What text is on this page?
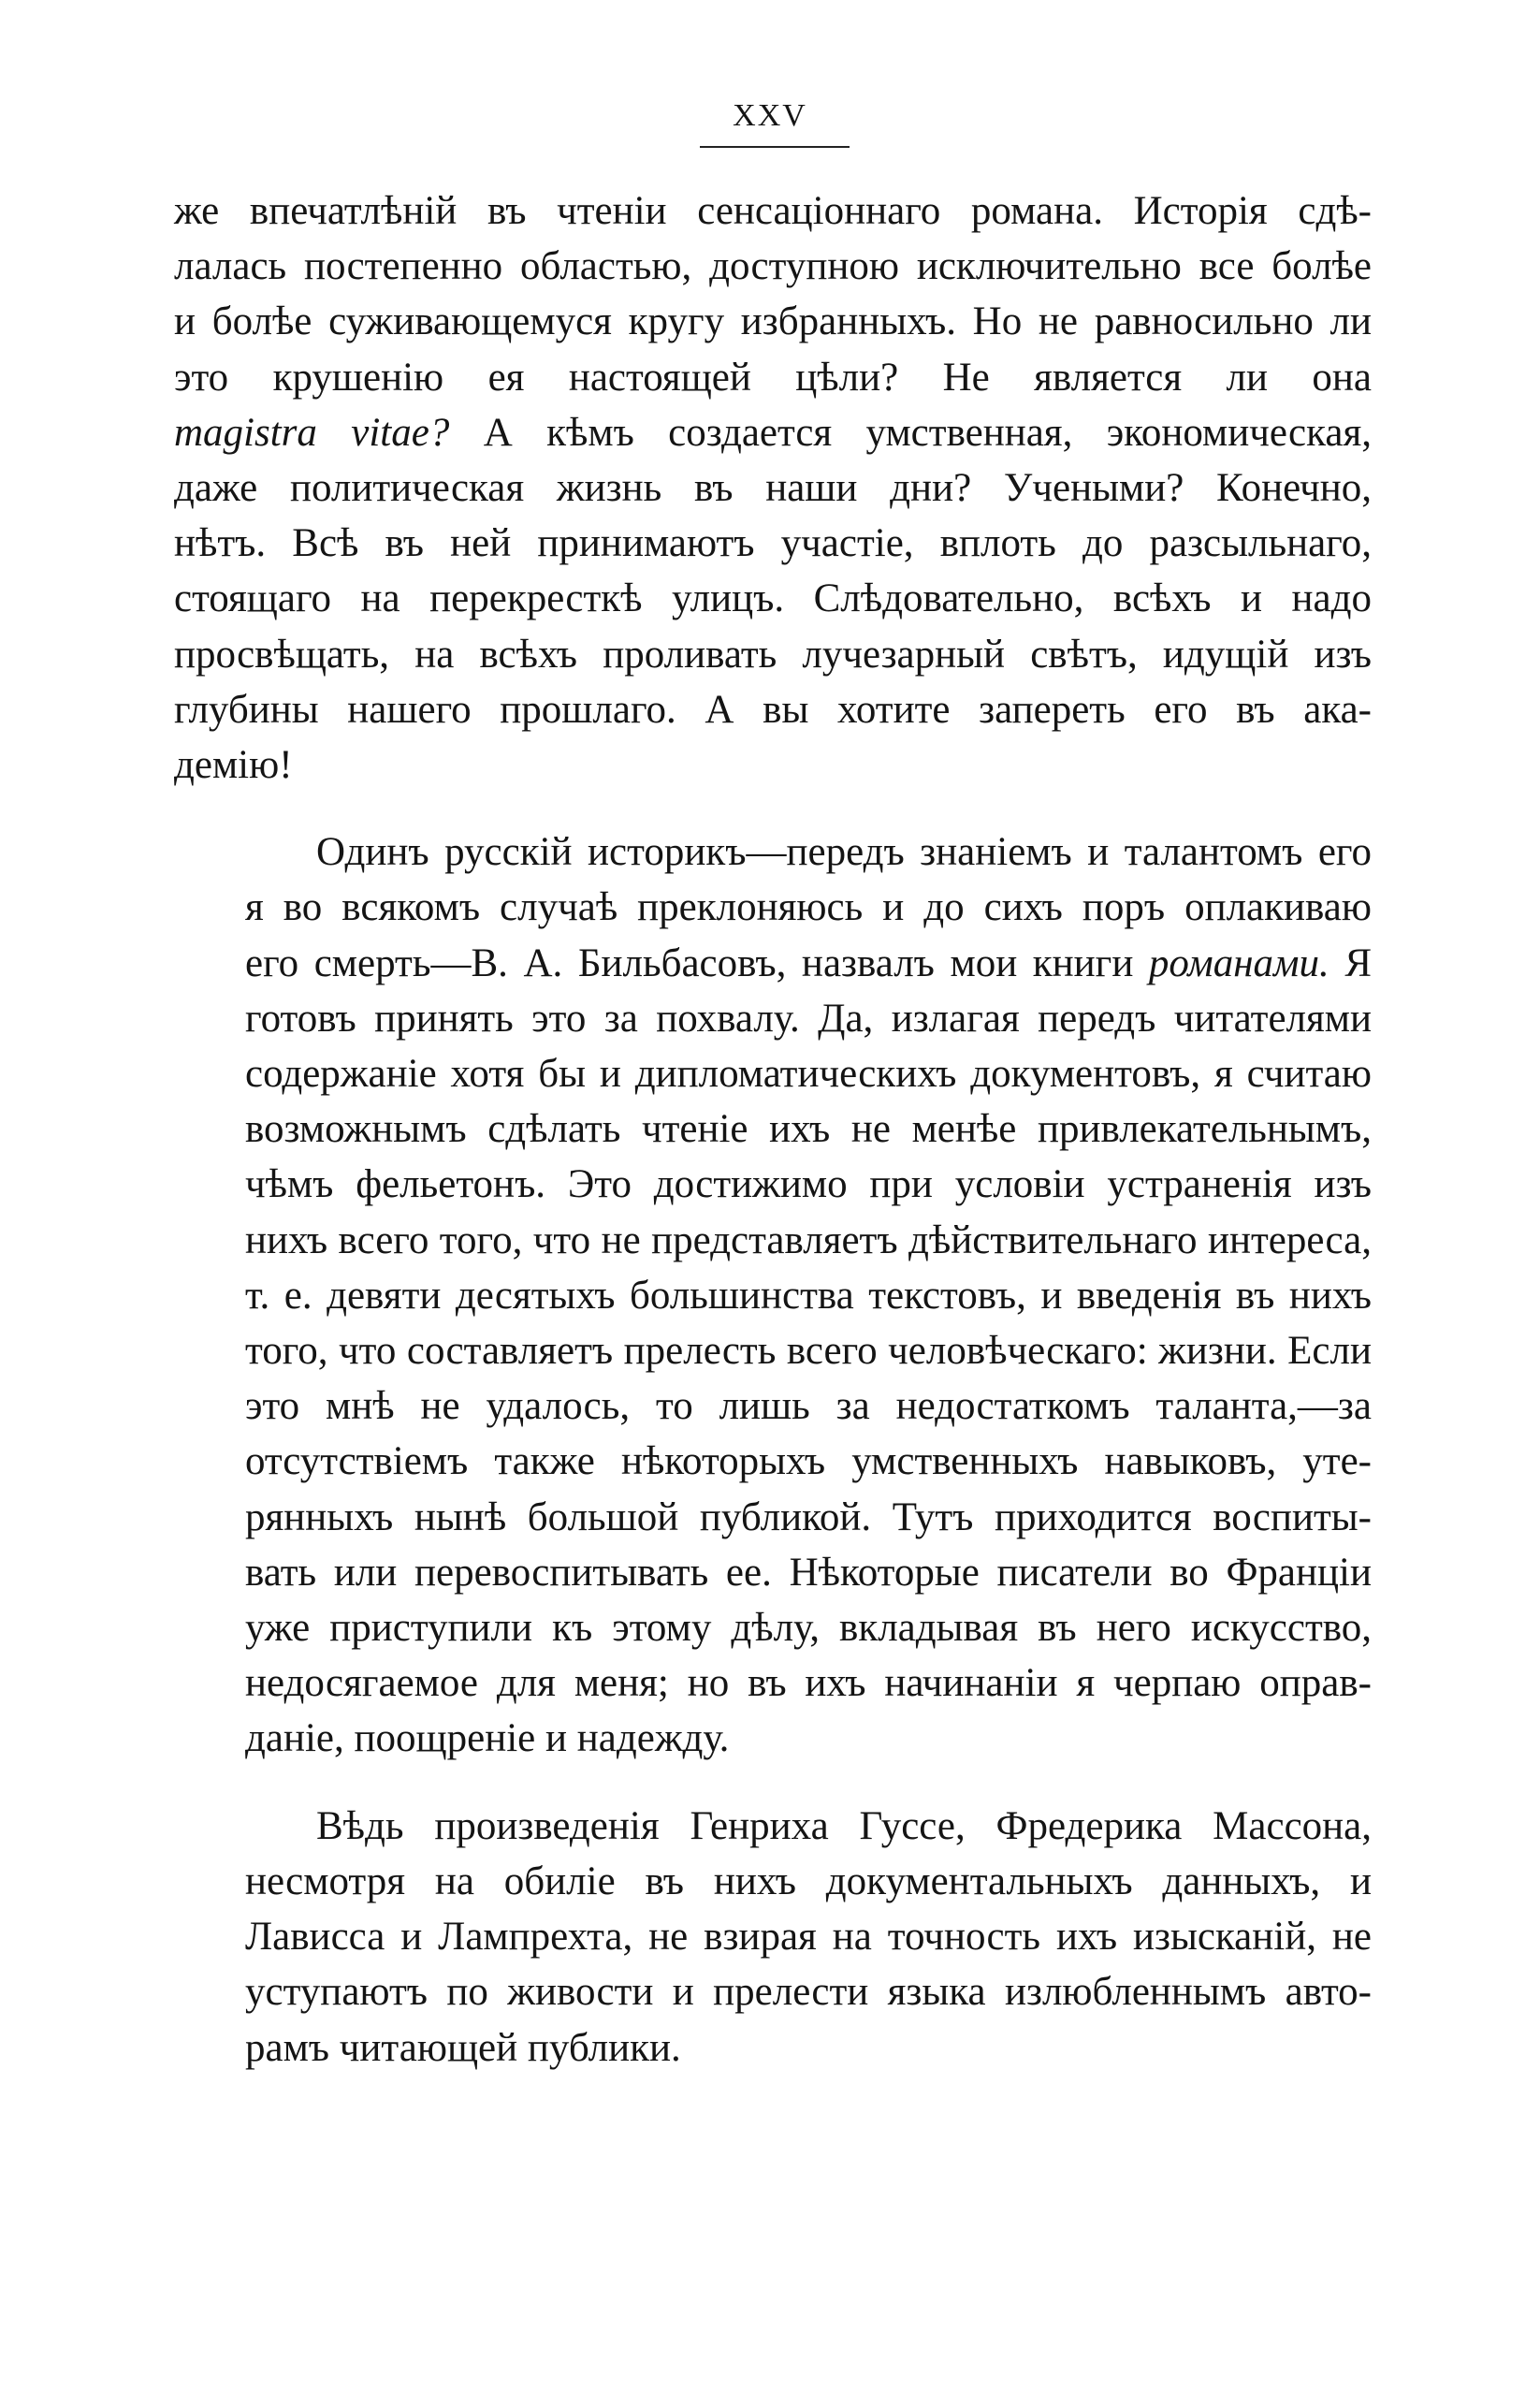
XXV
же впечатлѣній въ чтеніи сенсаціоннаго романа. Исторія сдѣ-
лалась постепенно областью, доступною исключительно все болѣе
и болѣе суживающемуся кругу избранныхъ. Но не равносильно ли
это крушенію ея настоящей цѣли? Не является ли она
magistra vitae? А кѣмъ создается умственная, экономическая,
даже политическая жизнь въ наши дни? Учеными? Конечно,
нѣтъ. Всѣ въ ней принимаютъ участіе, вплоть до разсыльнаго,
стоящаго на перекресткѣ улицъ. Слѣдовательно, всѣхъ и надо
просвѣщать, на всѣхъ проливать лучезарный свѣтъ, идущій изъ
глубины нашего прошлаго. А вы хотите запереть его въ ака-
демію!
Одинъ русскій историкъ—передъ знаніемъ и талантомъ его
я во всякомъ случаѣ преклоняюсь и до сихъ поръ оплакиваю
его смерть—В. А. Бильбасовъ, назвалъ мои книги романами. Я
готовъ принять это за похвалу. Да, излагая передъ читателями
содержаніе хотя бы и дипломатическихъ документовъ, я считаю
возможнымъ сдѣлать чтеніе ихъ не менѣе привлекательнымъ,
чѣмъ фельетонъ. Это достижимо при условіи устраненія изъ
нихъ всего того, что не представляетъ дѣйствительнаго интереса,
т. е. девяти десятыхъ большинства текстовъ, и введенія въ нихъ
того, что составляетъ прелесть всего человѣческаго: жизни. Если
это мнѣ не удалось, то лишь за недостаткомъ таланта,—за
отсутствіемъ также нѣкоторыхъ умственныхъ навыковъ, уте-
рянныхъ нынѣ большой публикой. Тутъ приходится воспиты-
вать или перевоспитывать ее. Нѣкоторые писатели во Франціи
уже приступили къ этому дѣлу, вкладывая въ него искусство,
недосягаемое для меня; но въ ихъ начинаніи я черпаю оправ-
даніе, поощреніе и надежду.
Вѣдь произведенія Генриха Гуссе, Фредерика Массона,
несмотря на обиліе въ нихъ документальныхъ данныхъ, и
Лависса и Лампрехта, не взирая на точность ихъ изысканій, не
уступаютъ по живости и прелести языка излюбленнымъ авто-
рамъ читающей публики.
